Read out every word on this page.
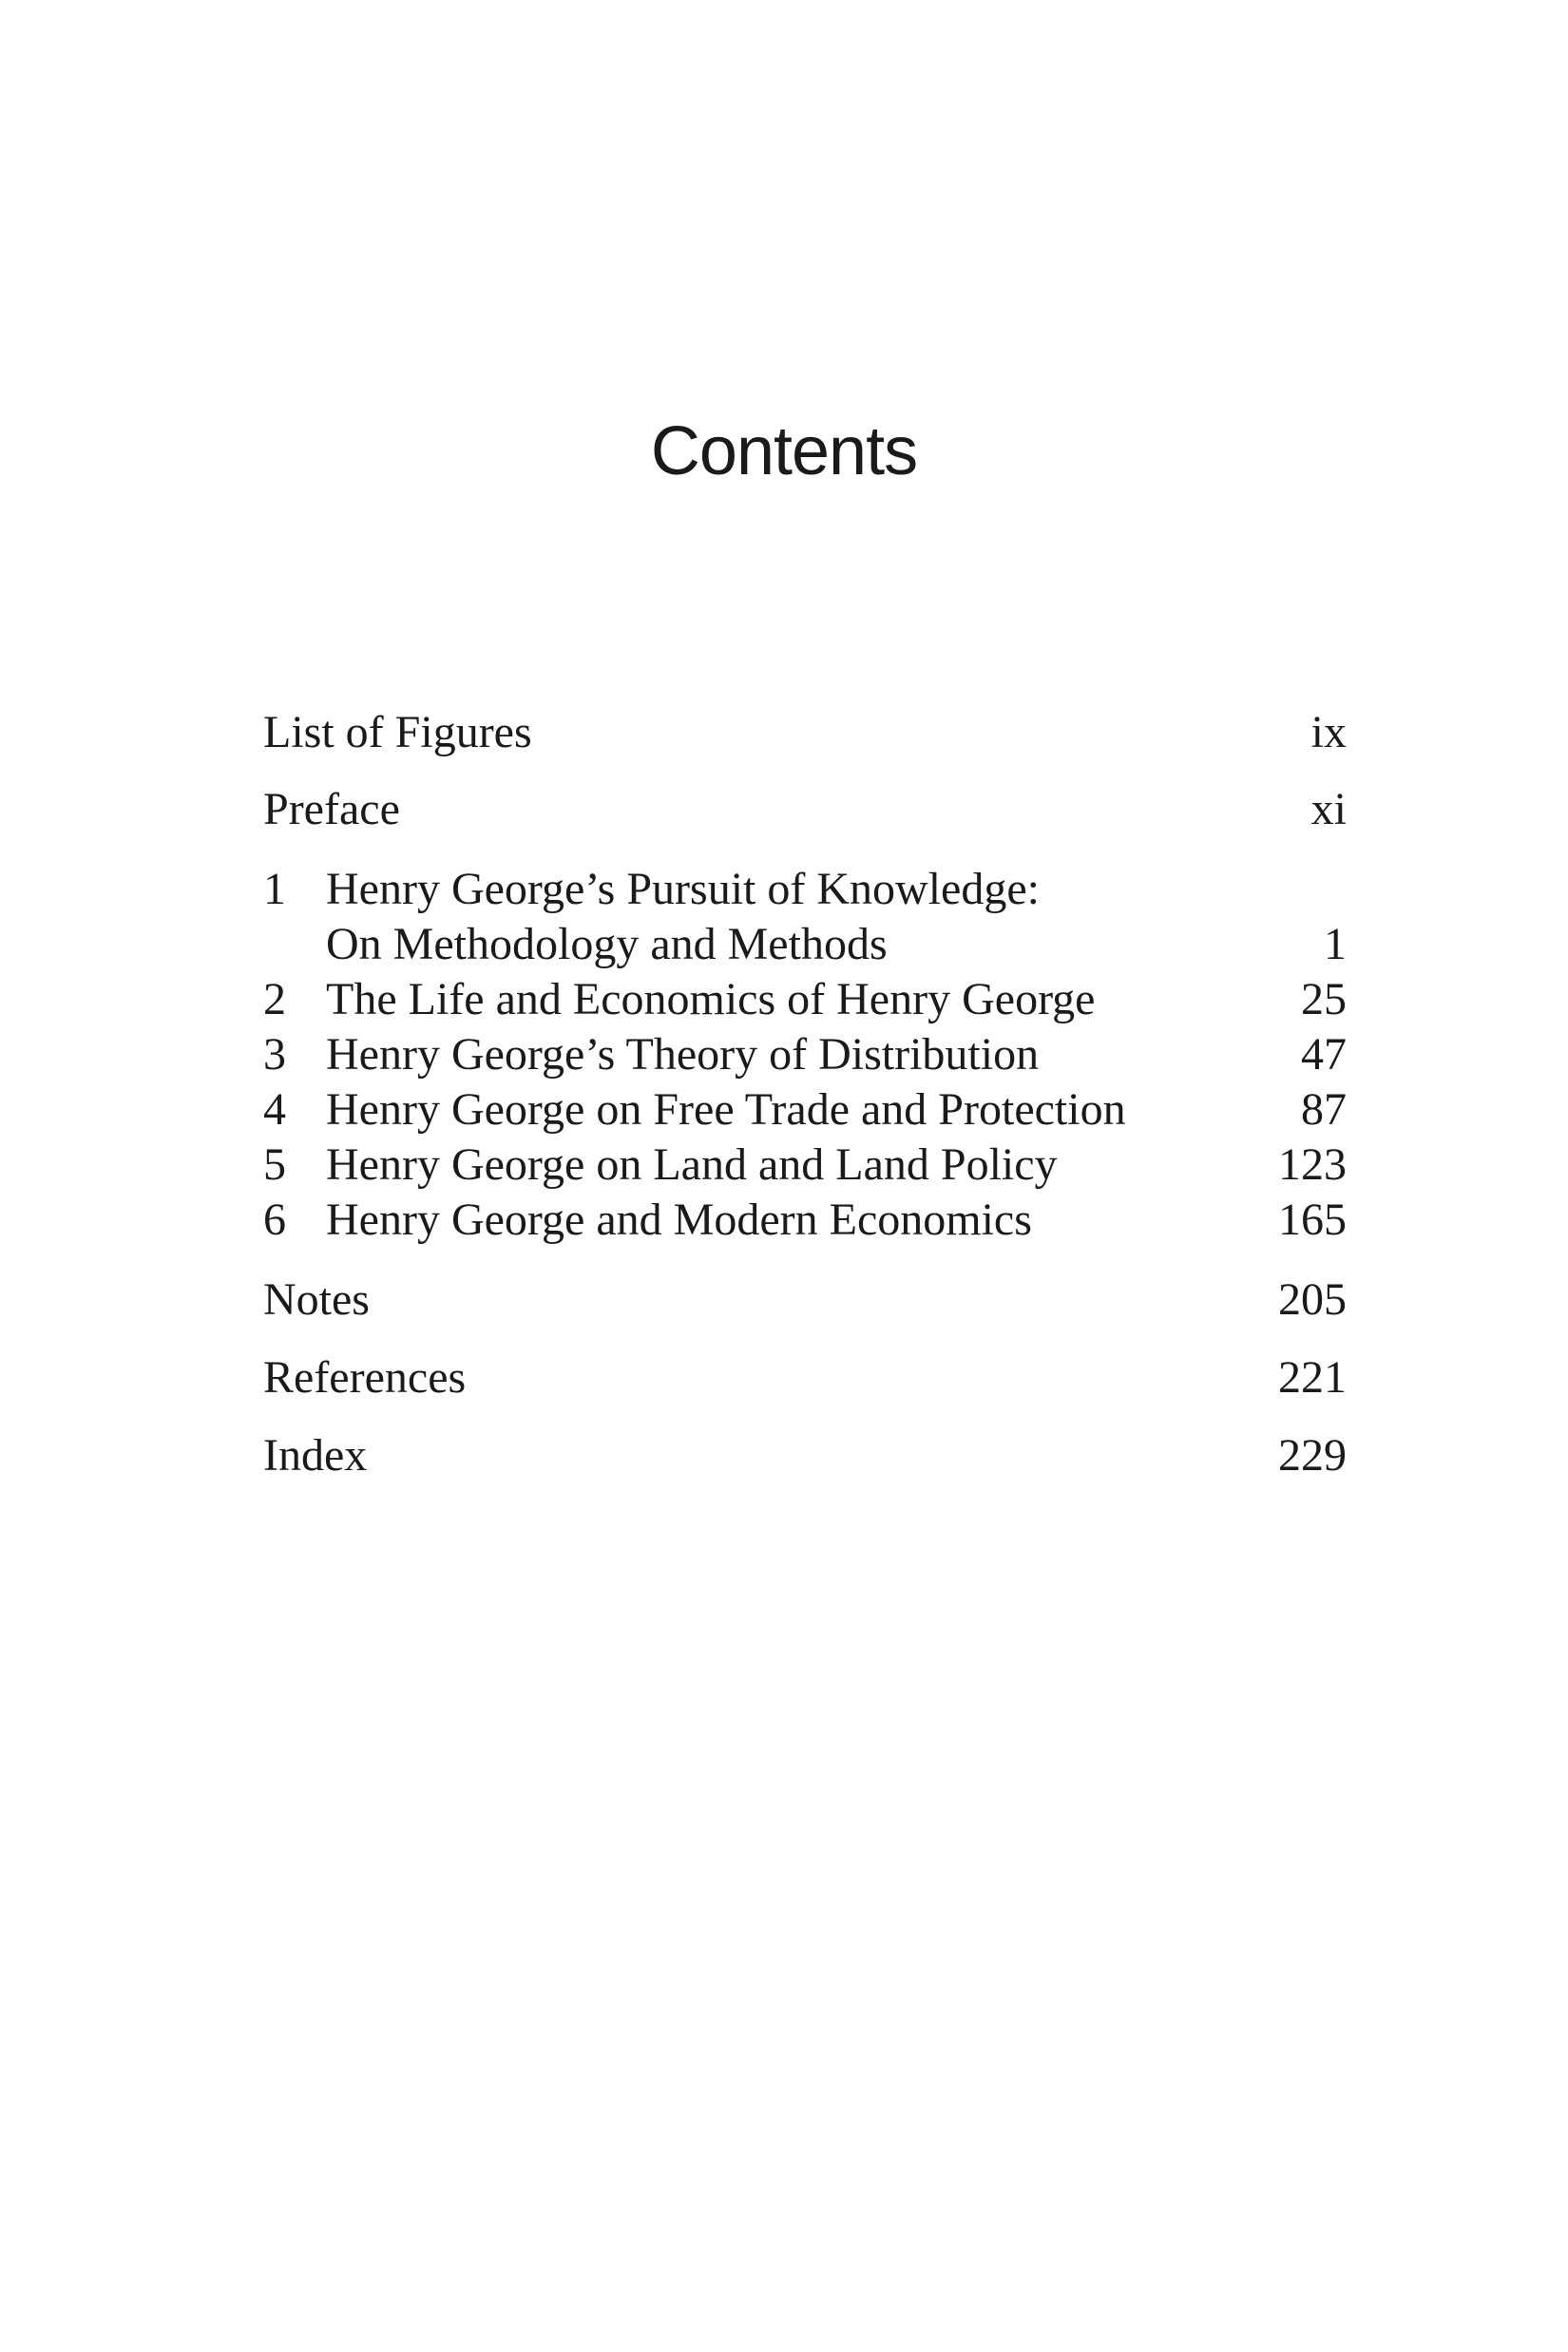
Contents
List of Figures	ix
Preface	xi
1 Henry George’s Pursuit of Knowledge:
On Methodology and Methods	1
2 The Life and Economics of Henry George	25
3 Henry George’s Theory of Distribution	47
4 Henry George on Free Trade and Protection	87
5 Henry George on Land and Land Policy	123
6 Henry George and Modern Economics	165
Notes	205
References	221
Index	229
